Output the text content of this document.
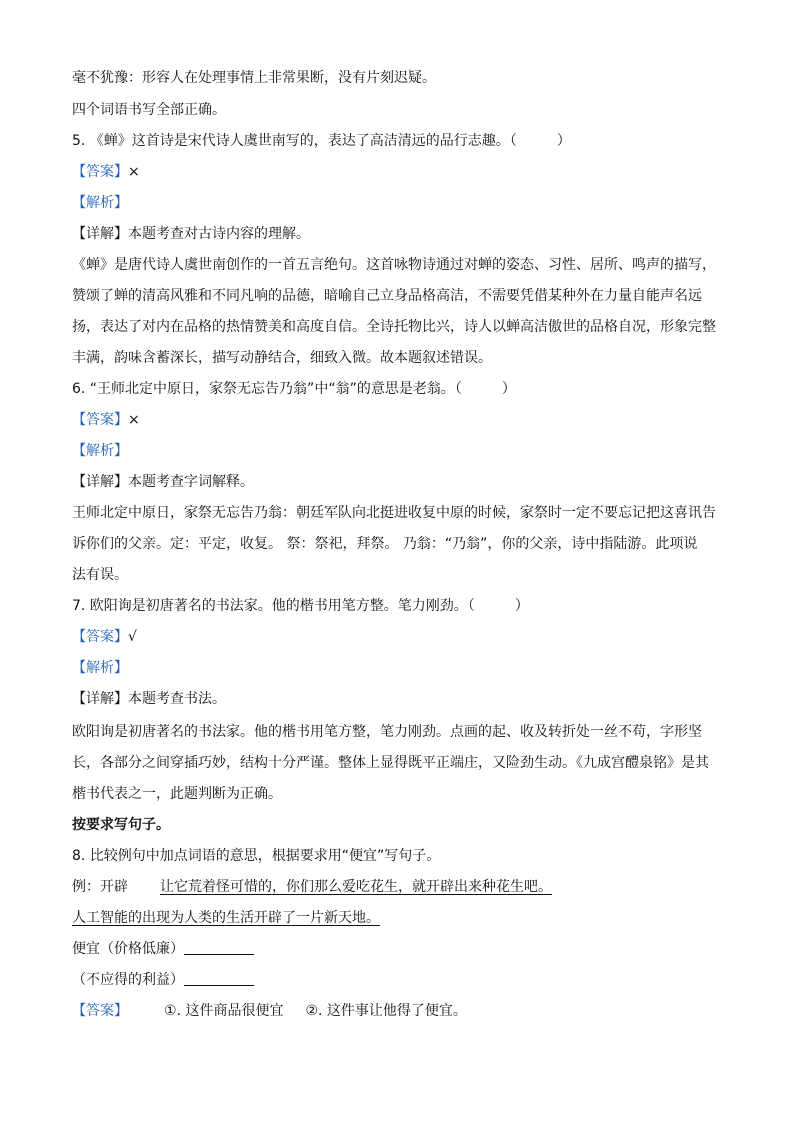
毫不犹豫：形容人在处理事情上非常果断，没有片刻迟疑。
四个词语书写全部正确。
5. 《蝉》这首诗是宋代诗人虞世南写的，表达了高洁清远的品行志趣。（	）
【答案】×
【解析】
【详解】本题考查对古诗内容的理解。
《蝉》是唐代诗人虞世南创作的一首五言绝句。这首咏物诗通过对蝉的姿态、习性、居所、鸣声的描写，
赞颂了蝉的清高风雅和不同凡响的品德，暗喻自己立身品格高洁，不需要凭借某种外在力量自能声名远
扬，表达了对内在品格的热情赞美和高度自信。全诗托物比兴，诗人以蝉高洁傲世的品格自况，形象完整
丰满，韵味含蓄深长，描写动静结合，细致入微。故本题叙述错误。
6. “王师北定中原日，家祭无忘告乃翁”中“翁”的意思是老翁。（	）
【答案】×
【解析】
【详解】本题考查字词解释。
王师北定中原日，家祭无忘告乃翁：朝廷军队向北挺进收复中原的时候，家祭时一定不要忘记把这喜讯告
诉你们的父亲。定：平定，收复。 祭：祭祀，拜祭。 乃翁：“乃翁”，你的父亲，诗中指陆游。此项说
法有误。
7. 欧阳询是初唐著名的书法家。他的楷书用笔方整。笔力刚劲。（	）
【答案】√
【解析】
【详解】本题考查书法。
欧阳询是初唐著名的书法家。他的楷书用笔方整，笔力刚劲。点画的起、收及转折处一丝不苟，字形坚
长，各部分之间穿插巧妙，结构十分严谨。整体上显得既平正端庄，又险劲生动。《九成宫醴泉铭》是其
楷书代表之一，此题判断为正确。
按要求写句子。
8. 比较例句中加点词语的意思，根据要求用“便宜”写句子。
例：开辟 让它荒着怪可惜的，你们那么爱吃花生，就开辟出来种花生吧。
人工智能的出现为人类的生活开辟了一片新天地。
便宜（价格低廉）
（不应得的利益）
【答案】	①. 这件商品很便宜 ②. 这件事让他得了便宜。
